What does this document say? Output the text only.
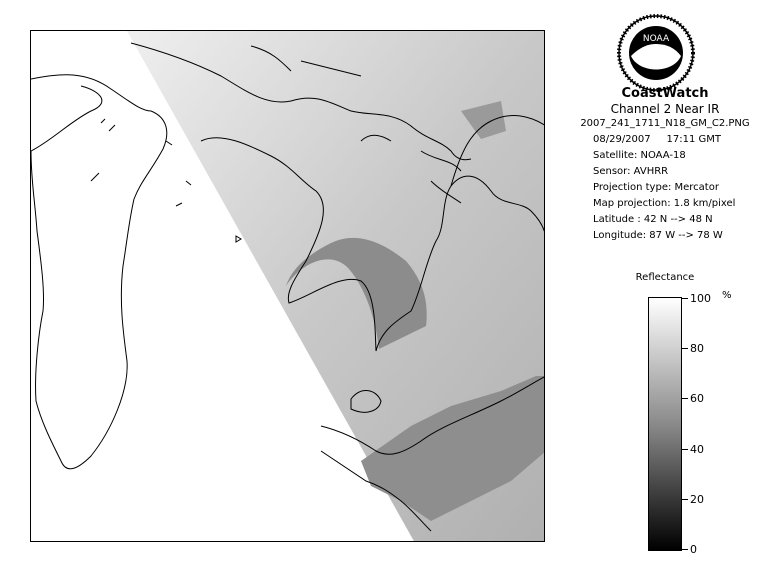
NOAA
CoastWatch
Channel 2 Near IR
2007_241_1711_N18_GM_C2.PNG
08/29/2007     17:11 GMT
Satellite: NOAA-18
Sensor: AVHRR
Projection type: Mercator
Map projection: 1.8 km/pixel
Latitude : 42 N --> 48 N
Longitude: 87 W --> 78 W
Reflectance
%
100
80
60
40
20
0
